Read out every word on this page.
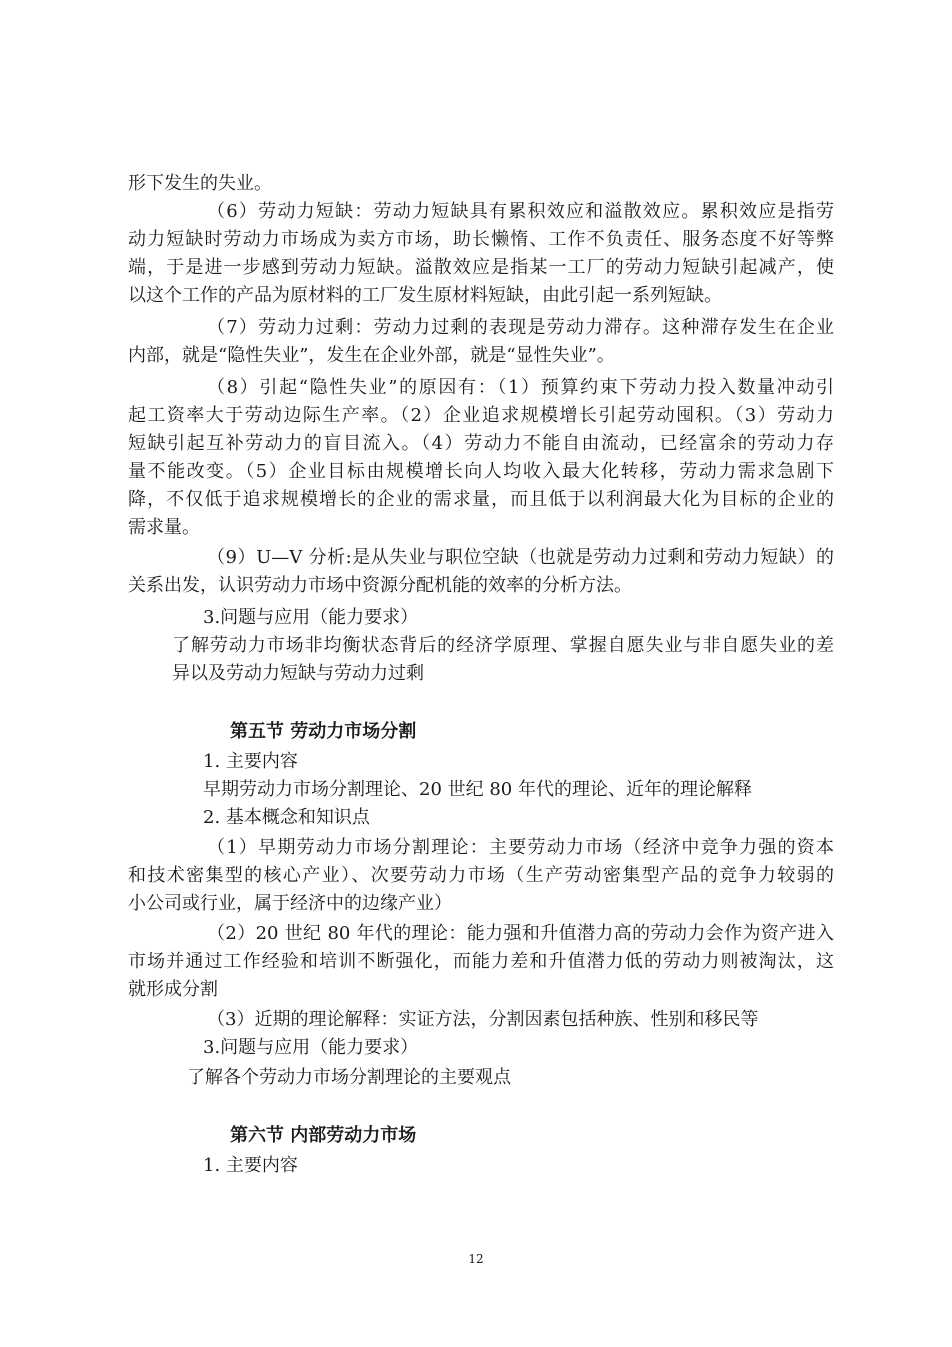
形下发生的失业。
（6）劳动力短缺：劳动力短缺具有累积效应和溢散效应。累积效应是指劳
动力短缺时劳动力市场成为卖方市场，助长懒惰、工作不负责任、服务态度不好等弊
端，于是进一步感到劳动力短缺。溢散效应是指某一工厂的劳动力短缺引起减产，使
以这个工作的产品为原材料的工厂发生原材料短缺，由此引起一系列短缺。
（7）劳动力过剩：劳动力过剩的表现是劳动力滞存。这种滞存发生在企业
内部，就是“隐性失业”，发生在企业外部，就是“显性失业”。
（8）引起“隐性失业”的原因有：（1）预算约束下劳动力投入数量冲动引
起工资率大于劳动边际生产率。（2）企业追求规模增长引起劳动囤积。（3）劳动力
短缺引起互补劳动力的盲目流入。（4）劳动力不能自由流动，已经富余的劳动力存
量不能改变。（5）企业目标由规模增长向人均收入最大化转移，劳动力需求急剧下
降，不仅低于追求规模增长的企业的需求量，而且低于以利润最大化为目标的企业的
需求量。
（9）U—V 分析:是从失业与职位空缺（也就是劳动力过剩和劳动力短缺）的
关系出发，认识劳动力市场中资源分配机能的效率的分析方法。
3.问题与应用（能力要求）
了解劳动力市场非均衡状态背后的经济学原理、掌握自愿失业与非自愿失业的差
异以及劳动力短缺与劳动力过剩
第五节 劳动力市场分割
1. 主要内容
早期劳动力市场分割理论、20 世纪 80 年代的理论、近年的理论解释
2. 基本概念和知识点
（1）早期劳动力市场分割理论：主要劳动力市场（经济中竞争力强的资本
和技术密集型的核心产业）、次要劳动力市场（生产劳动密集型产品的竞争力较弱的
小公司或行业，属于经济中的边缘产业）
（2）20 世纪 80 年代的理论：能力强和升值潜力高的劳动力会作为资产进入
市场并通过工作经验和培训不断强化，而能力差和升值潜力低的劳动力则被淘汰，这
就形成分割
（3）近期的理论解释：实证方法，分割因素包括种族、性别和移民等
3.问题与应用（能力要求）
了解各个劳动力市场分割理论的主要观点
第六节 内部劳动力市场
1. 主要内容
12
